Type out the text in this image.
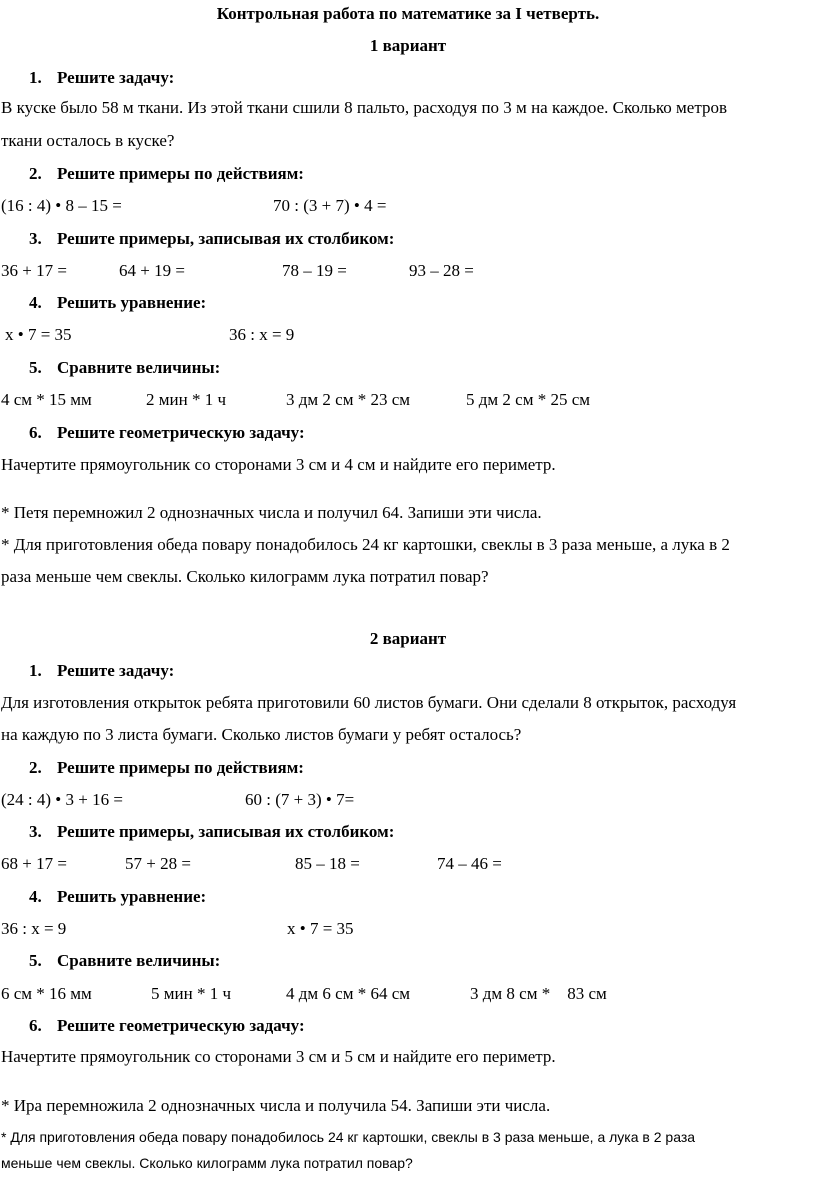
Контрольная работа по математике за I четверть.
1 вариант
1. Решите задачу:
В куске было 58 м ткани. Из этой ткани сшили 8 пальто, расходуя по 3 м на каждое. Сколько метров
ткани осталось в куске?
2. Решите примеры по действиям:
(16 : 4) • 8 – 15 =	70 : (3 + 7) • 4 =
3. Решите примеры, записывая их столбиком:
36 + 17 =	64 + 19 =	78 – 19 =	93 – 28 =
4. Решить уравнение:
x • 7 = 35	36 : x = 9
5. Сравните величины:
4 см * 15 мм	2 мин * 1 ч	3 дм 2 см * 23 см	5 дм 2 см * 25 см
6. Решите геометрическую задачу:
Начертите прямоугольник со сторонами 3 см и 4 см и найдите его периметр.
* Петя перемножил 2 однозначных числа и получил 64. Запиши эти числа.
* Для приготовления обеда повару понадобилось 24 кг картошки, свеклы в 3 раза меньше, а лука в 2
раза меньше чем свеклы. Сколько килограмм лука потратил повар?
2 вариант
1. Решите задачу:
Для изготовления открыток ребята приготовили 60 листов бумаги. Они сделали 8 открыток, расходуя
на каждую по 3 листа бумаги. Сколько листов бумаги у ребят осталось?
2. Решите примеры по действиям:
(24 : 4) • 3 + 16 =	60 : (7 + 3) • 7=
3. Решите примеры, записывая их столбиком:
68 + 17 =	57 + 28 =	85 – 18 =	74 – 46 =
4. Решить уравнение:
36 : x = 9	x • 7 = 35
5. Сравните величины:
6 см * 16 мм	5 мин * 1 ч	4 дм 6 см * 64 см	3 дм 8 см *    83 см
6. Решите геометрическую задачу:
Начертите прямоугольник со сторонами 3 см и 5 см и найдите его периметр.
* Ира перемножила 2 однозначных числа и получила 54. Запиши эти числа.
* Для приготовления обеда повару понадобилось 24 кг картошки, свеклы в 3 раза меньше, а лука в 2 раза
меньше чем свеклы. Сколько килограмм лука потратил повар?
